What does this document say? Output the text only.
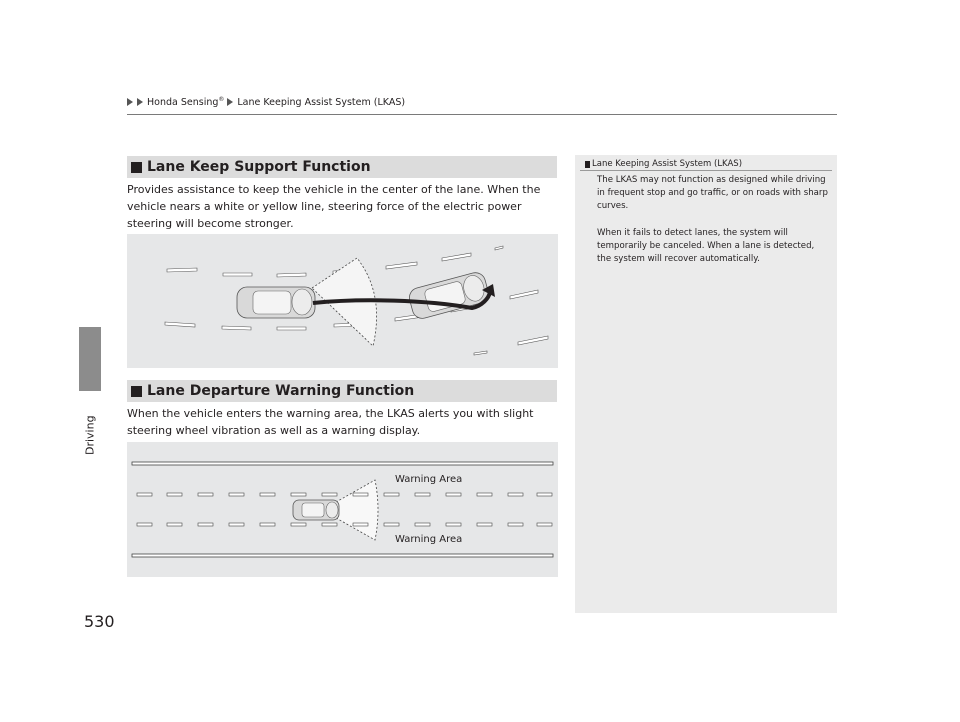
Honda Sensing® Lane Keeping Assist System (LKAS)
Driving
Lane Keep Support Function
Provides assistance to keep the vehicle in the center of the lane. When the vehicle nears a white or yellow line, steering force of the electric power steering will become stronger.
Lane Departure Warning Function
When the vehicle enters the warning area, the LKAS alerts you with slight steering wheel vibration as well as a warning display.
Warning Area
Warning Area
Lane Keeping Assist System (LKAS)
The LKAS may not function as designed while driving in frequent stop and go traffic, or on roads with sharp curves.
When it fails to detect lanes, the system will temporarily be canceled. When a lane is detected, the system will recover automatically.
530
